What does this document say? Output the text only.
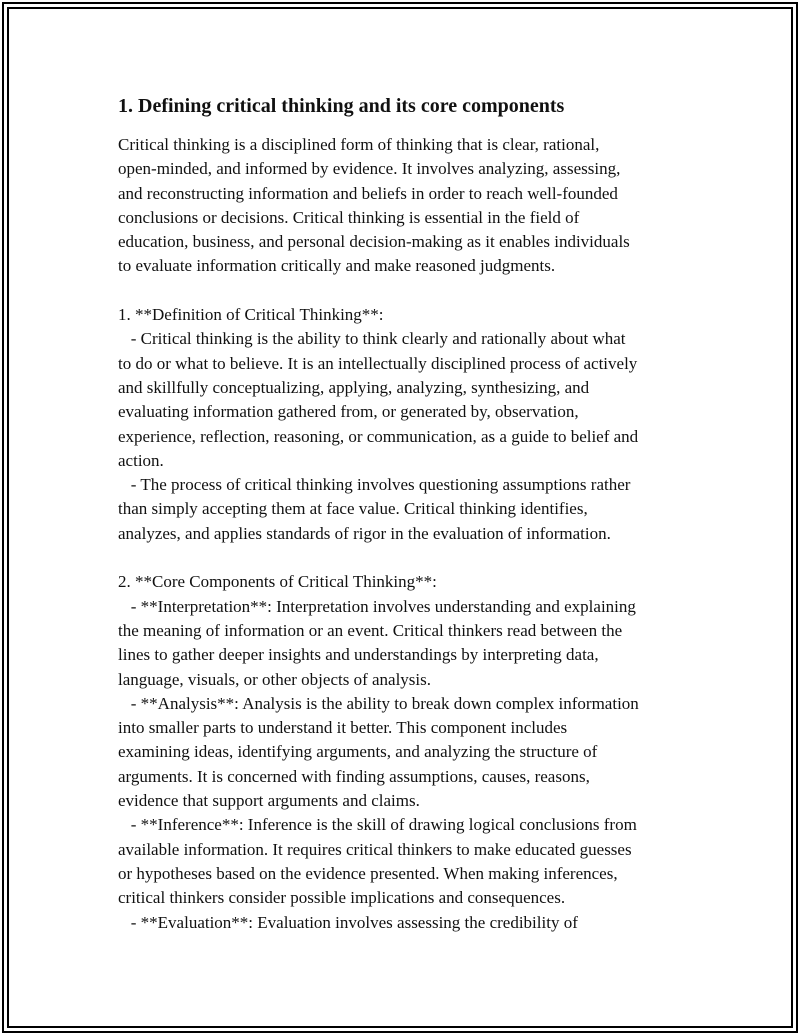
1. Defining critical thinking and its core components
Critical thinking is a disciplined form of thinking that is clear, rational,
open-minded, and informed by evidence. It involves analyzing, assessing,
and reconstructing information and beliefs in order to reach well-founded
conclusions or decisions. Critical thinking is essential in the field of
education, business, and personal decision-making as it enables individuals
to evaluate information critically and make reasoned judgments.
1. **Definition of Critical Thinking**:
- Critical thinking is the ability to think clearly and rationally about what
to do or what to believe. It is an intellectually disciplined process of actively
and skillfully conceptualizing, applying, analyzing, synthesizing, and
evaluating information gathered from, or generated by, observation,
experience, reflection, reasoning, or communication, as a guide to belief and
action.
- The process of critical thinking involves questioning assumptions rather
than simply accepting them at face value. Critical thinking identifies,
analyzes, and applies standards of rigor in the evaluation of information.
2. **Core Components of Critical Thinking**:
- **Interpretation**: Interpretation involves understanding and explaining
the meaning of information or an event. Critical thinkers read between the
lines to gather deeper insights and understandings by interpreting data,
language, visuals, or other objects of analysis.
- **Analysis**: Analysis is the ability to break down complex information
into smaller parts to understand it better. This component includes
examining ideas, identifying arguments, and analyzing the structure of
arguments. It is concerned with finding assumptions, causes, reasons,
evidence that support arguments and claims.
- **Inference**: Inference is the skill of drawing logical conclusions from
available information. It requires critical thinkers to make educated guesses
or hypotheses based on the evidence presented. When making inferences,
critical thinkers consider possible implications and consequences.
- **Evaluation**: Evaluation involves assessing the credibility of
